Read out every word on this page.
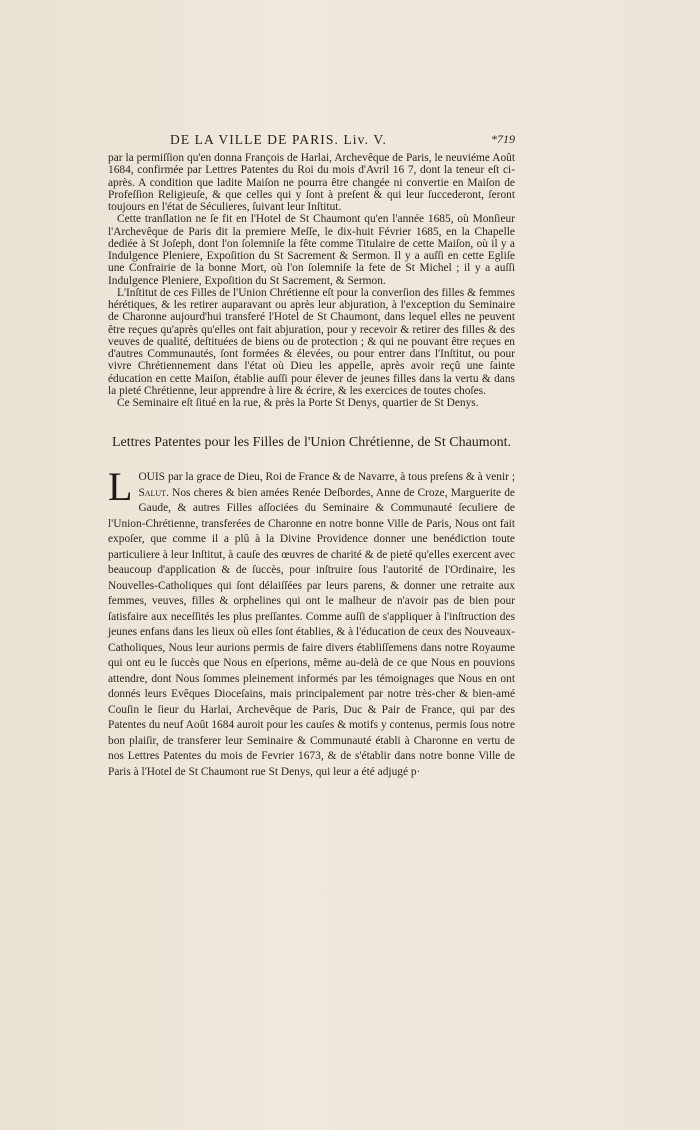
DE LA VILLE DE PARIS. Liv. V.	*719

par la permiſſion qu'en donna François de Harlai, Archevêque de Paris, le neuviéme Août 1684, confirmée par Lettres Patentes du Roi du mois d'Avril 16 7, dont la teneur eſt ci-après. A condition que ladite Maiſon ne pourra être changée ni convertie en Maiſon de Profeſſion Religieuſe, & que celles qui y ſont à preſent & qui leur ſuccederont, ſeront toujours en l'état de Séculieres, ſuivant leur Inſtitut.

Cette tranſlation ne ſe fit en l'Hotel de St Chaumont qu'en l'année 1685, où Monſieur l'Archevêque de Paris dit la premiere Meſſe, le dix-huit Février 1685, en la Chapelle dediée à St Joſeph, dont l'on ſolemniſe la fête comme Titulaire de cette Maiſon, où il y a Indulgence Pleniere, Expoſition du St Sacrement & Sermon. Il y a auſſi en cette Egliſe une Confrairie de la bonne Mort, où l'on ſolemniſe la fete de St Michel ; il y a auſſi Indulgence Pleniere, Expoſition du St Sacrement, & Sermon.

L'Inſtitut de ces Filles de l'Union Chrétienne eſt pour la converſion des filles & femmes hérétiques, & les retirer auparavant ou après leur abjuration, à l'exception du Seminaire de Charonne aujourd'hui transferé l'Hotel de St Chaumont, dans lequel elles ne peuvent être reçues qu'après qu'elles ont fait abjuration, pour y recevoir & retirer des filles & des veuves de qualité, deſtituées de biens ou de protection ; & qui ne pouvant être reçues en d'autres Communautés, ſont formées & élevées, ou pour entrer dans l'Inſtitut, ou pour vivre Chrétiennement dans l'état où Dieu les appelle, après avoir reçû une ſainte éducation en cette Maiſon, établie auſſi pour élever de jeunes filles dans la vertu & dans la pieté Chrétienne, leur apprendre à lire & écrire, & les exercices de toutes choſes.

Ce Seminaire eſt ſitué en la rue, & près la Porte St Denys, quartier de St Denys.

Lettres Patentes pour les Filles de l'Union Chrétienne, de St Chaumont.
L OUIS par la grace de Dieu, Roi de France & de Navarre, à tous preſens & à venir ; Salut. Nos cheres & bien amées Renée Deſbordes, Anne de Croze, Marguerite de Gaude, & autres Filles aſſociées du Seminaire & Communauté ſeculiere de l'Union-Chrétienne, transferées de Charonne en notre bonne Ville de Paris, Nous ont fait expoſer, que comme il a plû à la Divine Providence donner une benédiction toute particuliere à leur Inſtitut, à cauſe des œuvres de charité & de pieté qu'elles exercent avec beaucoup d'application & de ſuccès, pour inſtruire ſous l'autorité de l'Ordinaire, les Nouvelles-Catholiques qui ſont délaiſſées par leurs parens, & donner une retraite aux femmes, veuves, filles & orphelines qui ont le malheur de n'avoir pas de bien pour ſatisfaire aux neceſſités les plus preſſantes. Comme auſſi de s'appliquer à l'inſtruction des jeunes enfans dans les lieux où elles ſont établies, & à l'éducation de ceux des Nouveaux-Catholiques, Nous leur aurions permis de faire divers établiſſemens dans notre Royaume qui ont eu le ſuccès que Nous en eſperions, même au-delà de ce que Nous en pouvions attendre, dont Nous ſommes pleinement informés par les témoignages que Nous en ont donnés leurs Evêques Dioceſains, mais principalement par notre très-cher & bien-amé Couſin le ſieur du Harlai, Archevêque de Paris, Duc & Pair de France, qui par des Patentes du neuf Août 1684 auroit pour les cauſes & motifs y contenus, permis ſous notre bon plaiſir, de transferer leur Seminaire & Communauté établi à Charonne en vertu de nos Lettres Patentes du mois de Fevrier 1673, & de s'établir dans notre bonne Ville de Paris à l'Hotel de St Chaumont rue St Denys, qui leur a été adjugé p·
